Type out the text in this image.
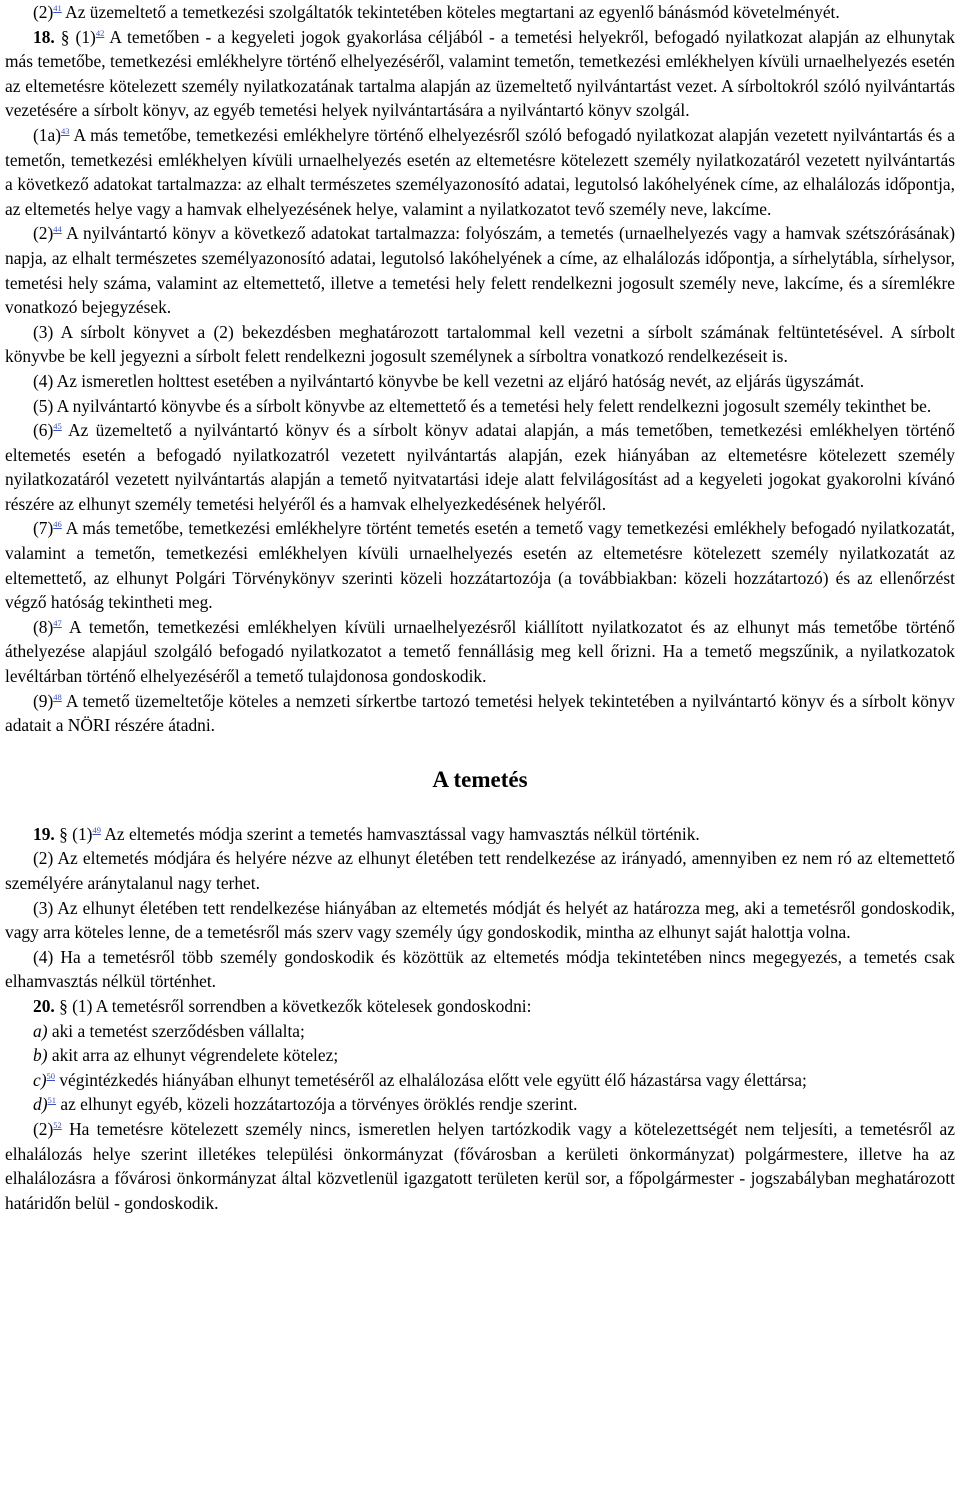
(2)$^{41}$ Az üzemeltető a temetkezési szolgáltatók tekintetében köteles megtartani az egyenlő bánásmód követelményét.

18. § (1)$^{42}$ A temetőben - a kegyeleti jogok gyakorlása céljából - a temetési helyekről, befogadó nyilatkozat alapján az elhunytak más temetőbe, temetkezési emlékhelyre történő elhelyezéséről, valamint temetőn, temetkezési emlékhelyen kívüli urnaelhelyezés esetén az eltemetésre kötelezett személy nyilatkozatának tartalma alapján az üzemeltető nyilvántartást vezet. A sírboltokról szóló nyilvántartás vezetésére a sírbolt könyv, az egyéb temetési helyek nyilvántartására a nyilvántartó könyv szolgál.

(1a)$^{43}$ A más temetőbe, temetkezési emlékhelyre történő elhelyezésről szóló befogadó nyilatkozat alapján vezetett nyilvántartás és a temetőn, temetkezési emlékhelyen kívüli urnaelhelyezés esetén az eltemetésre kötelezett személy nyilatkozatáról vezetett nyilvántartás a következő adatokat tartalmazza: az elhalt természetes személyazonosító adatai, legutolsó lakóhelyének címe, az elhalálozás időpontja, az eltemetés helye vagy a hamvak elhelyezésének helye, valamint a nyilatkozatot tevő személy neve, lakcíme.

(2)$^{44}$ A nyilvántartó könyv a következő adatokat tartalmazza: folyószám, a temetés (urnaelhelyezés vagy a hamvak szétszórásának) napja, az elhalt természetes személyazonosító adatai, legutolsó lakóhelyének a címe, az elhalálozás időpontja, a sírhelytábla, sírhelysor, temetési hely száma, valamint az eltemettető, illetve a temetési hely felett rendelkezni jogosult személy neve, lakcíme, és a síremlékre vonatkozó bejegyzések.

(3) A sírbolt könyvet a (2) bekezdésben meghatározott tartalommal kell vezetni a sírbolt számának feltüntetésével. A sírbolt könyvbe be kell jegyezni a sírbolt felett rendelkezni jogosult személynek a sírboltra vonatkozó rendelkezéseit is.

(4) Az ismeretlen holttest esetében a nyilvántartó könyvbe be kell vezetni az eljáró hatóság nevét, az eljárás ügyszámát.

(5) A nyilvántartó könyvbe és a sírbolt könyvbe az eltemettető és a temetési hely felett rendelkezni jogosult személy tekinthet be.

(6)$^{45}$ Az üzemeltető a nyilvántartó könyv és a sírbolt könyv adatai alapján, a más temetőben, temetkezési emlékhelyen történő eltemetés esetén a befogadó nyilatkozatról vezetett nyilvántartás alapján, ezek hiányában az eltemetésre kötelezett személy nyilatkozatáról vezetett nyilvántartás alapján a temető nyitvatartási ideje alatt felvilágosítást ad a kegyeleti jogokat gyakorolni kívánó részére az elhunyt személy temetési helyéről és a hamvak elhelyezkedésének helyéről.

(7)$^{46}$ A más temetőbe, temetkezési emlékhelyre történt temetés esetén a temető vagy temetkezési emlékhely befogadó nyilatkozatát, valamint a temetőn, temetkezési emlékhelyen kívüli urnaelhelyezés esetén az eltemetésre kötelezett személy nyilatkozatát az eltemettető, az elhunyt Polgári Törvénykönyv szerinti közeli hozzátartozója (a továbbiakban: közeli hozzátartozó) és az ellenőrzést végző hatóság tekintheti meg.

(8)$^{47}$ A temetőn, temetkezési emlékhelyen kívüli urnaelhelyezésről kiállított nyilatkozatot és az elhunyt más temetőbe történő áthelyezése alapjául szolgáló befogadó nyilatkozatot a temető fennállásig meg kell őrizni. Ha a temető megszűnik, a nyilatkozatok levéltárban történő elhelyezéséről a temető tulajdonosa gondoskodik.

(9)$^{48}$ A temető üzemeltetője köteles a nemzeti sírkertbe tartozó temetési helyek tekintetében a nyilvántartó könyv és a sírbolt könyv adatait a NÖRI részére átadni.

A temetés

19. § (1)$^{49}$ Az eltemetés módja szerint a temetés hamvasztással vagy hamvasztás nélkül történik.

(2) Az eltemetés módjára és helyére nézve az elhunyt életében tett rendelkezése az irányadó, amennyiben ez nem ró az eltemettető személyére aránytalanul nagy terhet.

(3) Az elhunyt életében tett rendelkezése hiányában az eltemetés módját és helyét az határozza meg, aki a temetésről gondoskodik, vagy arra köteles lenne, de a temetésről más szerv vagy személy úgy gondoskodik, mintha az elhunyt saját halottja volna.

(4) Ha a temetésről több személy gondoskodik és közöttük az eltemetés módja tekintetében nincs megegyezés, a temetés csak elhamvasztás nélkül történhet.

20. § (1) A temetésről sorrendben a következők kötelesek gondoskodni:

a) aki a temetést szerződésben vállalta;

b) akit arra az elhunyt végrendelete kötelez;

c)$^{50}$ végintézkedés hiányában elhunyt temetéséről az elhalálozása előtt vele együtt élő házastársa vagy élettársa;

d)$^{51}$ az elhunyt egyéb, közeli hozzátartozója a törvényes öröklés rendje szerint.

(2)$^{52}$ Ha temetésre kötelezett személy nincs, ismeretlen helyen tartózkodik vagy a kötelezettségét nem teljesíti, a temetésről az elhalálozás helye szerint illetékes települési önkormányzat (fővárosban a kerületi önkormányzat) polgármestere, illetve ha az elhalálozásra a fővárosi önkormányzat által közvetlenül igazgatott területen kerül sor, a főpolgármester - jogszabályban meghatározott határidőn belül - gondoskodik.
